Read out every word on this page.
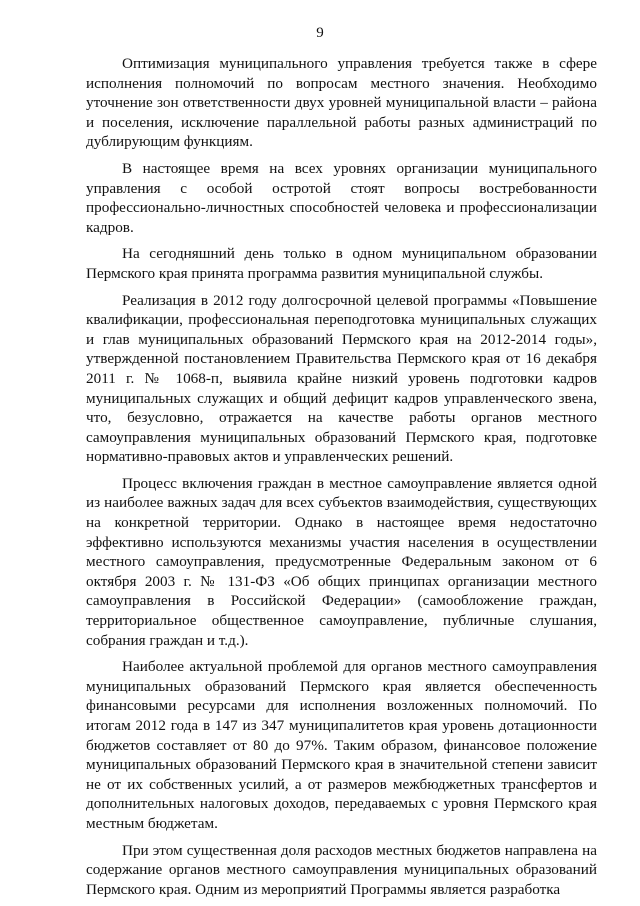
9

Оптимизация муниципального управления требуется также в сфере исполнения полномочий по вопросам местного значения. Необходимо уточнение зон ответственности двух уровней муниципальной власти – района и поселения, исключение параллельной работы разных администраций по дублирующим функциям.

В настоящее время на всех уровнях организации муниципального управления с особой остротой стоят вопросы востребованности профессионально-личностных способностей человека и профессионализации кадров.

На сегодняшний день только в одном муниципальном образовании Пермского края принята программа развития муниципальной службы.

Реализация в 2012 году долгосрочной целевой программы «Повышение квалификации, профессиональная переподготовка муниципальных служащих и глав муниципальных образований Пермского края на 2012-2014 годы», утвержденной постановлением Правительства Пермского края от 16 декабря 2011 г. № 1068-п, выявила крайне низкий уровень подготовки кадров муниципальных служащих и общий дефицит кадров управленческого звена, что, безусловно, отражается на качестве работы органов местного самоуправления муниципальных образований Пермского края, подготовке нормативно-правовых актов и управленческих решений.

Процесс включения граждан в местное самоуправление является одной из наиболее важных задач для всех субъектов взаимодействия, существующих на конкретной территории. Однако в настоящее время недостаточно эффективно используются механизмы участия населения в осуществлении местного самоуправления, предусмотренные Федеральным законом от 6 октября 2003 г. № 131-ФЗ «Об общих принципах организации местного самоуправления в Российской Федерации» (самообложение граждан, территориальное общественное самоуправление, публичные слушания, собрания граждан и т.д.).

Наиболее актуальной проблемой для органов местного самоуправления муниципальных образований Пермского края является обеспеченность финансовыми ресурсами для исполнения возложенных полномочий. По итогам 2012 года в 147 из 347 муниципалитетов края уровень дотационности бюджетов составляет от 80 до 97%. Таким образом, финансовое положение муниципальных образований Пермского края в значительной степени зависит не от их собственных усилий, а от размеров межбюджетных трансфертов и дополнительных налоговых доходов, передаваемых с уровня Пермского края местным бюджетам.

При этом существенная доля расходов местных бюджетов направлена на содержание органов местного самоуправления муниципальных образований Пермского края. Одним из мероприятий Программы является разработка
